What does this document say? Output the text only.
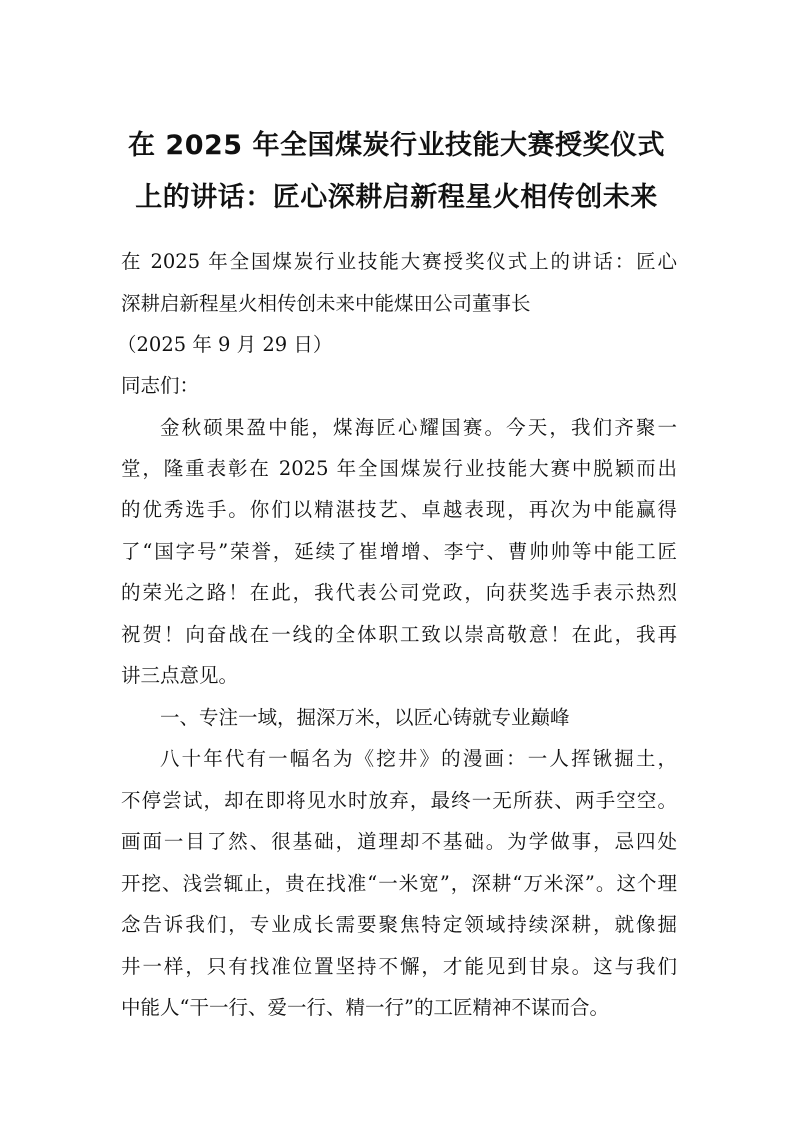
在 2025 年全国煤炭行业技能大赛授奖仪式
上的讲话：匠心深耕启新程星火相传创未来
在 2025 年全国煤炭行业技能大赛授奖仪式上的讲话：匠心
深耕启新程星火相传创未来中能煤田公司董事长
（2025 年 9 月 29 日）
同志们：
金秋硕果盈中能，煤海匠心耀国赛。今天，我们齐聚一
堂，隆重表彰在 2025 年全国煤炭行业技能大赛中脱颖而出
的优秀选手。你们以精湛技艺、卓越表现，再次为中能赢得
了“国字号”荣誉，延续了崔增增、李宁、曹帅帅等中能工匠
的荣光之路！在此，我代表公司党政，向获奖选手表示热烈
祝贺！向奋战在一线的全体职工致以崇高敬意！在此，我再
讲三点意见。
一、专注一域，掘深万米，以匠心铸就专业巅峰
八十年代有一幅名为《挖井》的漫画：一人挥锹掘土，
不停尝试，却在即将见水时放弃，最终一无所获、两手空空。
画面一目了然、很基础，道理却不基础。为学做事，忌四处
开挖、浅尝辄止，贵在找准“一米宽”，深耕“万米深”。这个理
念告诉我们，专业成长需要聚焦特定领域持续深耕，就像掘
井一样，只有找准位置坚持不懈，才能见到甘泉。这与我们
中能人“干一行、爱一行、精一行”的工匠精神不谋而合。
